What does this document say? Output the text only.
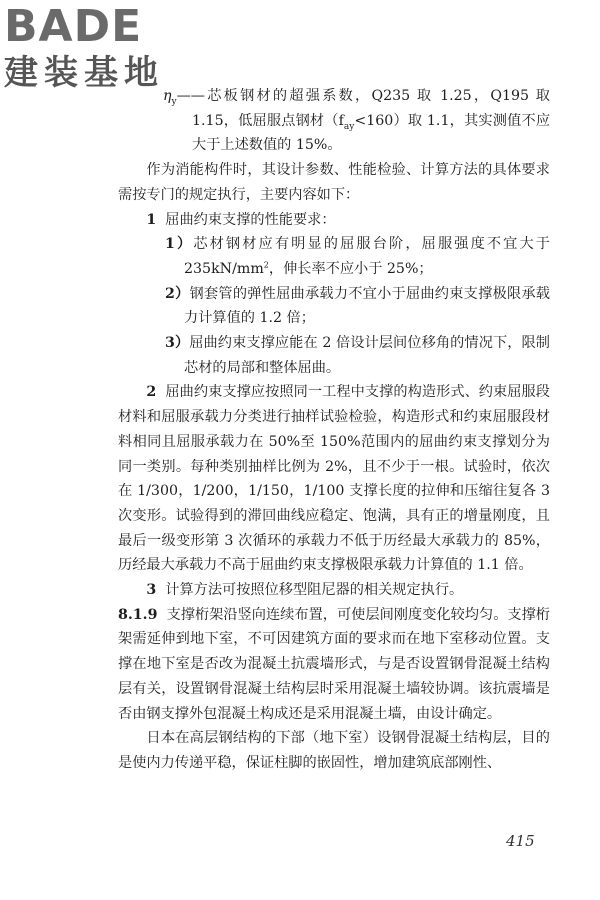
BADE
建装基地

$\eta_y——$芯板钢材的超强系数，Q235 取 1.25，Q195 取1.15，低屈服点钢材$(f_{ay}<160)$取 1.1，其实测值不应大于上述数值的 15%。

作为消能构件时，其设计参数、性能检验、计算方法的具体要求需按专门的规定执行，主要内容如下：

1 屈曲约束支撑的性能要求：

1）芯材钢材应有明显的屈服台阶，屈服强度不宜大于 $235kN/mm^2$，伸长率不应小于 25%；

2）钢套管的弹性屈曲承载力不宜小于屈曲约束支撑极限承载力计算值的 1.2 倍；

3）屈曲约束支撑应能在 2 倍设计层间位移角的情况下，限制芯材的局部和整体屈曲。

2 屈曲约束支撑应按照同一工程中支撑的构造形式、约束屈服段材料和屈服承载力分类进行抽样试验检验，构造形式和约束屈服段材料相同且屈服承载力在 50%至 150%范围内的屈曲约束支撑划分为同一类别。每种类别抽样比例为 2%，且不少于一根。试验时，依次在 1/300，1/200，1/150，1/100 支撑长度的拉伸和压缩往复各 3 次变形。试验得到的滞回曲线应稳定、饱满，具有正的增量刚度，且最后一级变形第 3 次循环的承载力不低于历经最大承载力的 85%，历经最大承载力不高于屈曲约束支撑极限承载力计算值的 1.1 倍。

3 计算方法可按照位移型阻尼器的相关规定执行。

8.1.9 支撑桁架沿竖向连续布置，可使层间刚度变化较均匀。支撑桁架需延伸到地下室，不可因建筑方面的要求而在地下室移动位置。支撑在地下室是否改为混凝土抗震墙形式，与是否设置钢骨混凝土结构层有关，设置钢骨混凝土结构层时采用混凝土墙较协调。该抗震墙是否由钢支撑外包混凝土构成还是采用混凝土墙，由设计确定。

日本在高层钢结构的下部（地下室）设钢骨混凝土结构层，目的是使内力传递平稳，保证柱脚的嵌固性，增加建筑底部刚性、

415
